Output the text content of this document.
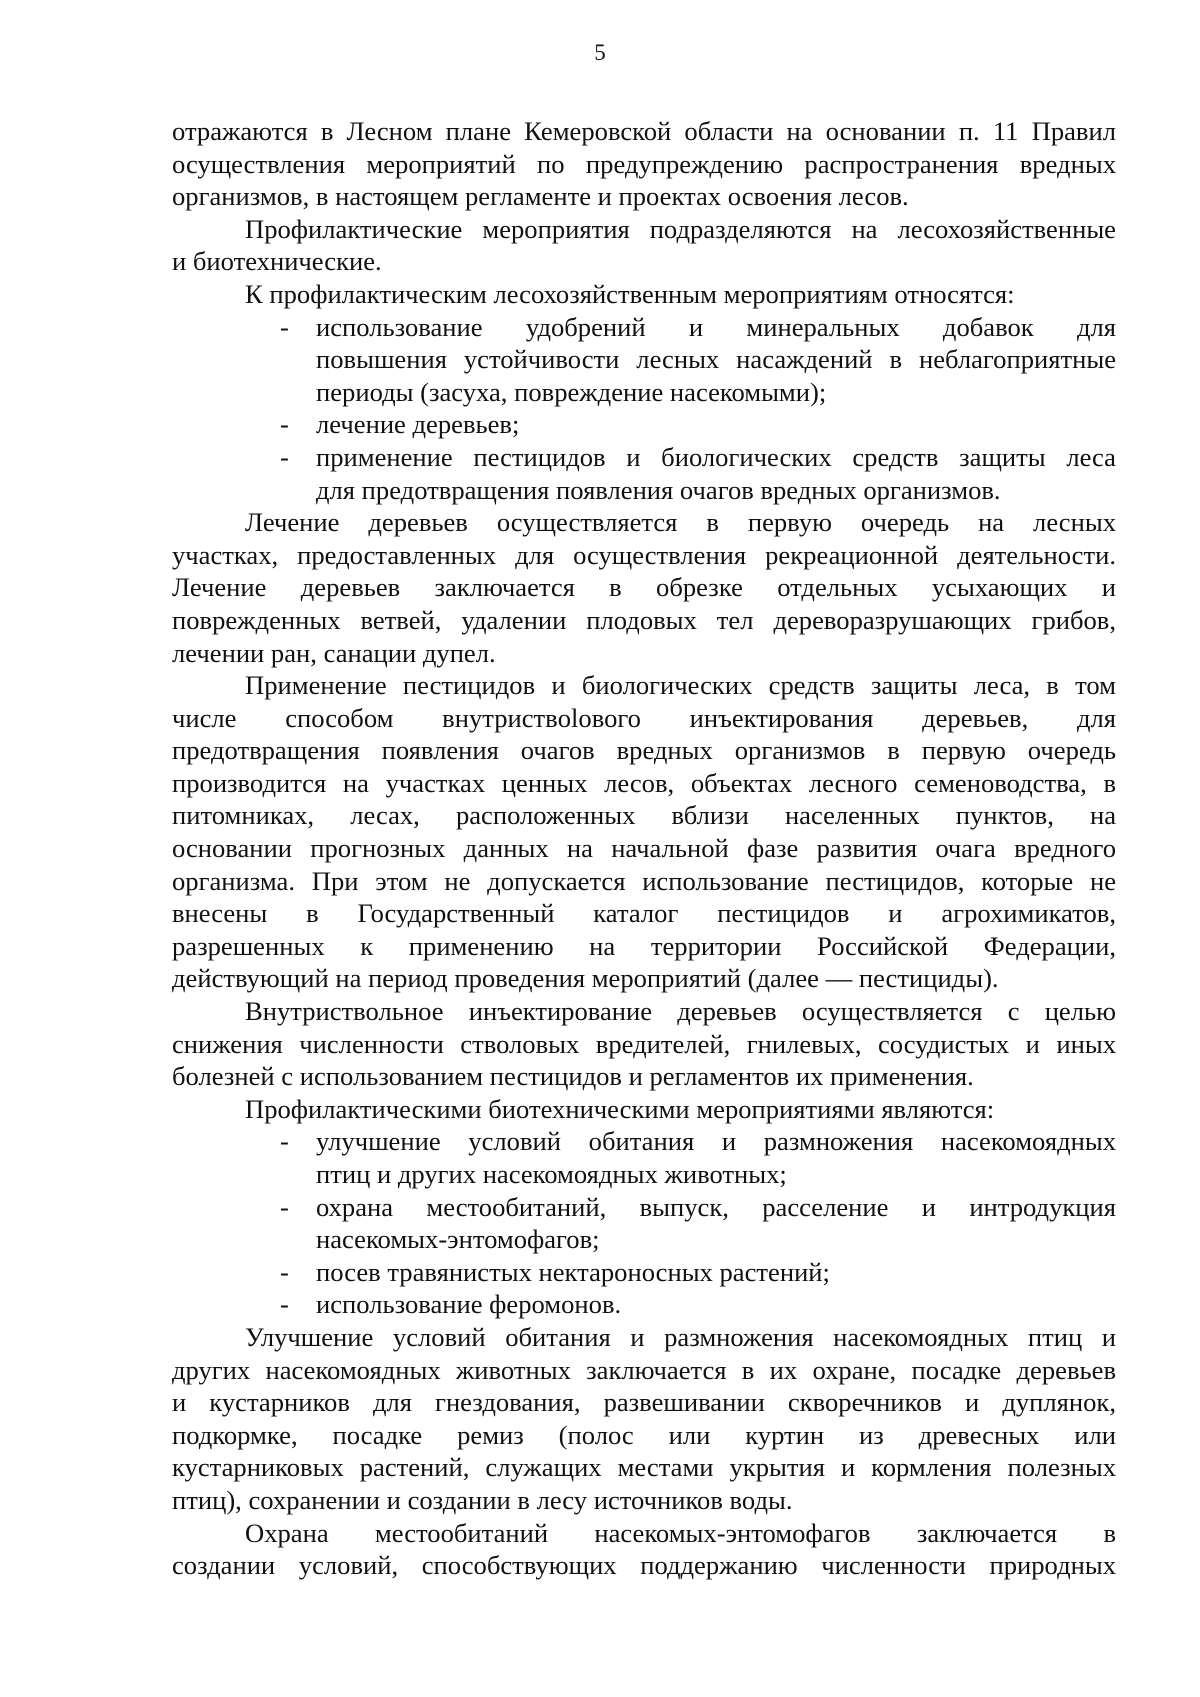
5
отражаются в Лесном плане Кемеровской области на основании п. 11 Правил
осуществления мероприятий по предупреждению распространения вредных
организмов, в настоящем регламенте и проектах освоения лесов.
Профилактические мероприятия подразделяются на лесохозяйственные
и биотехнические.
К профилактическим лесохозяйственным мероприятиям относятся:
-	использование удобрений и минеральных добавок для
повышения устойчивости лесных насаждений в неблагоприятные
периоды (засуха, повреждение насекомыми);
-	лечение деревьев;
-	применение пестицидов и биологических средств защиты леса
для предотвращения появления очагов вредных организмов.
Лечение деревьев осуществляется в первую очередь на лесных
участках, предоставленных для осуществления рекреационной деятельности.
Лечение деревьев заключается в обрезке отдельных усыхающих и
поврежденных ветвей, удалении плодовых тел дереворазрушающих грибов,
лечении ран, санации дупел.
Применение пестицидов и биологических средств защиты леса, в том
числе способом внутриствolового инъектирования деревьев, для
предотвращения появления очагов вредных организмов в первую очередь
производится на участках ценных лесов, объектах лесного семеноводства, в
питомниках, лесах, расположенных вблизи населенных пунктов, на
основании прогнозных данных на начальной фазе развития очага вредного
организма. При этом не допускается использование пестицидов, которые не
внесены в Государственный каталог пестицидов и агрохимикатов,
разрешенных к применению на территории Российской Федерации,
действующий на период проведения мероприятий (далее — пестициды).
Внутриствольное инъектирование деревьев осуществляется с целью
снижения численности стволовых вредителей, гнилевых, сосудистых и иных
болезней с использованием пестицидов и регламентов их применения.
Профилактическими биотехническими мероприятиями являются:
-	улучшение условий обитания и размножения насекомоядных
птиц и других насекомоядных животных;
-	охрана местообитаний, выпуск, расселение и интродукция
насекомых-энтомофагов;
-	посев травянистых нектароносных растений;
-	использование феромонов.
Улучшение условий обитания и размножения насекомоядных птиц и
других насекомоядных животных заключается в их охране, посадке деревьев
и кустарников для гнездования, развешивании скворечников и дуплянок,
подкормке, посадке ремиз (полос или куртин из древесных или
кустарниковых растений, служащих местами укрытия и кормления полезных
птиц), сохранении и создании в лесу источников воды.
Охрана местообитаний насекомых-энтомофагов заключается в
создании условий, способствующих поддержанию численности природных
